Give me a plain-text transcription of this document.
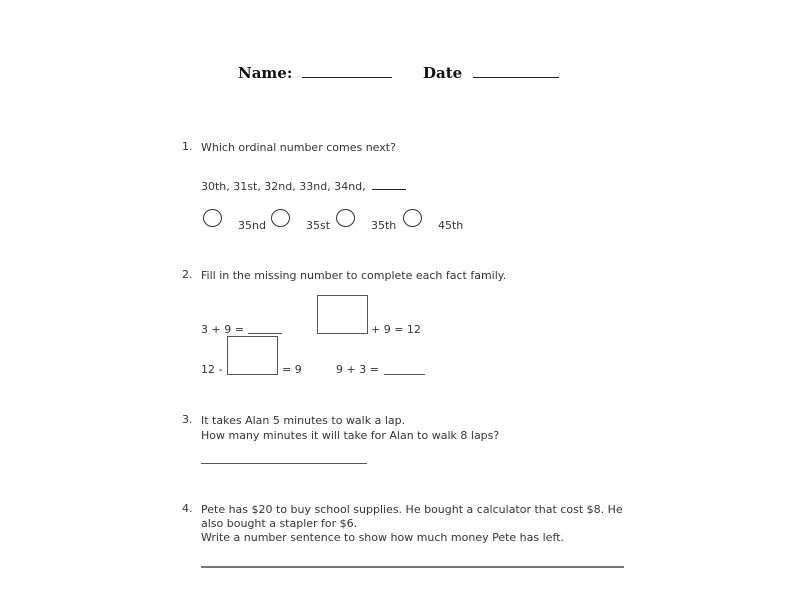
Name:	Date
1. Which ordinal number comes next?
30th, 31st, 32nd, 33nd, 34nd,
35nd	35st	35th	45th
2. Fill in the missing number to complete each fact family.
3 + 9 =	+ 9 = 12
12 -	= 9	9 + 3 =
3. It takes Alan 5 minutes to walk a lap.
How many minutes it will take for Alan to walk 8 laps?
4. Pete has $20 to buy school supplies. He bought a calculator that cost $8. He
also bought a stapler for $6.
Write a number sentence to show how much money Pete has left.
